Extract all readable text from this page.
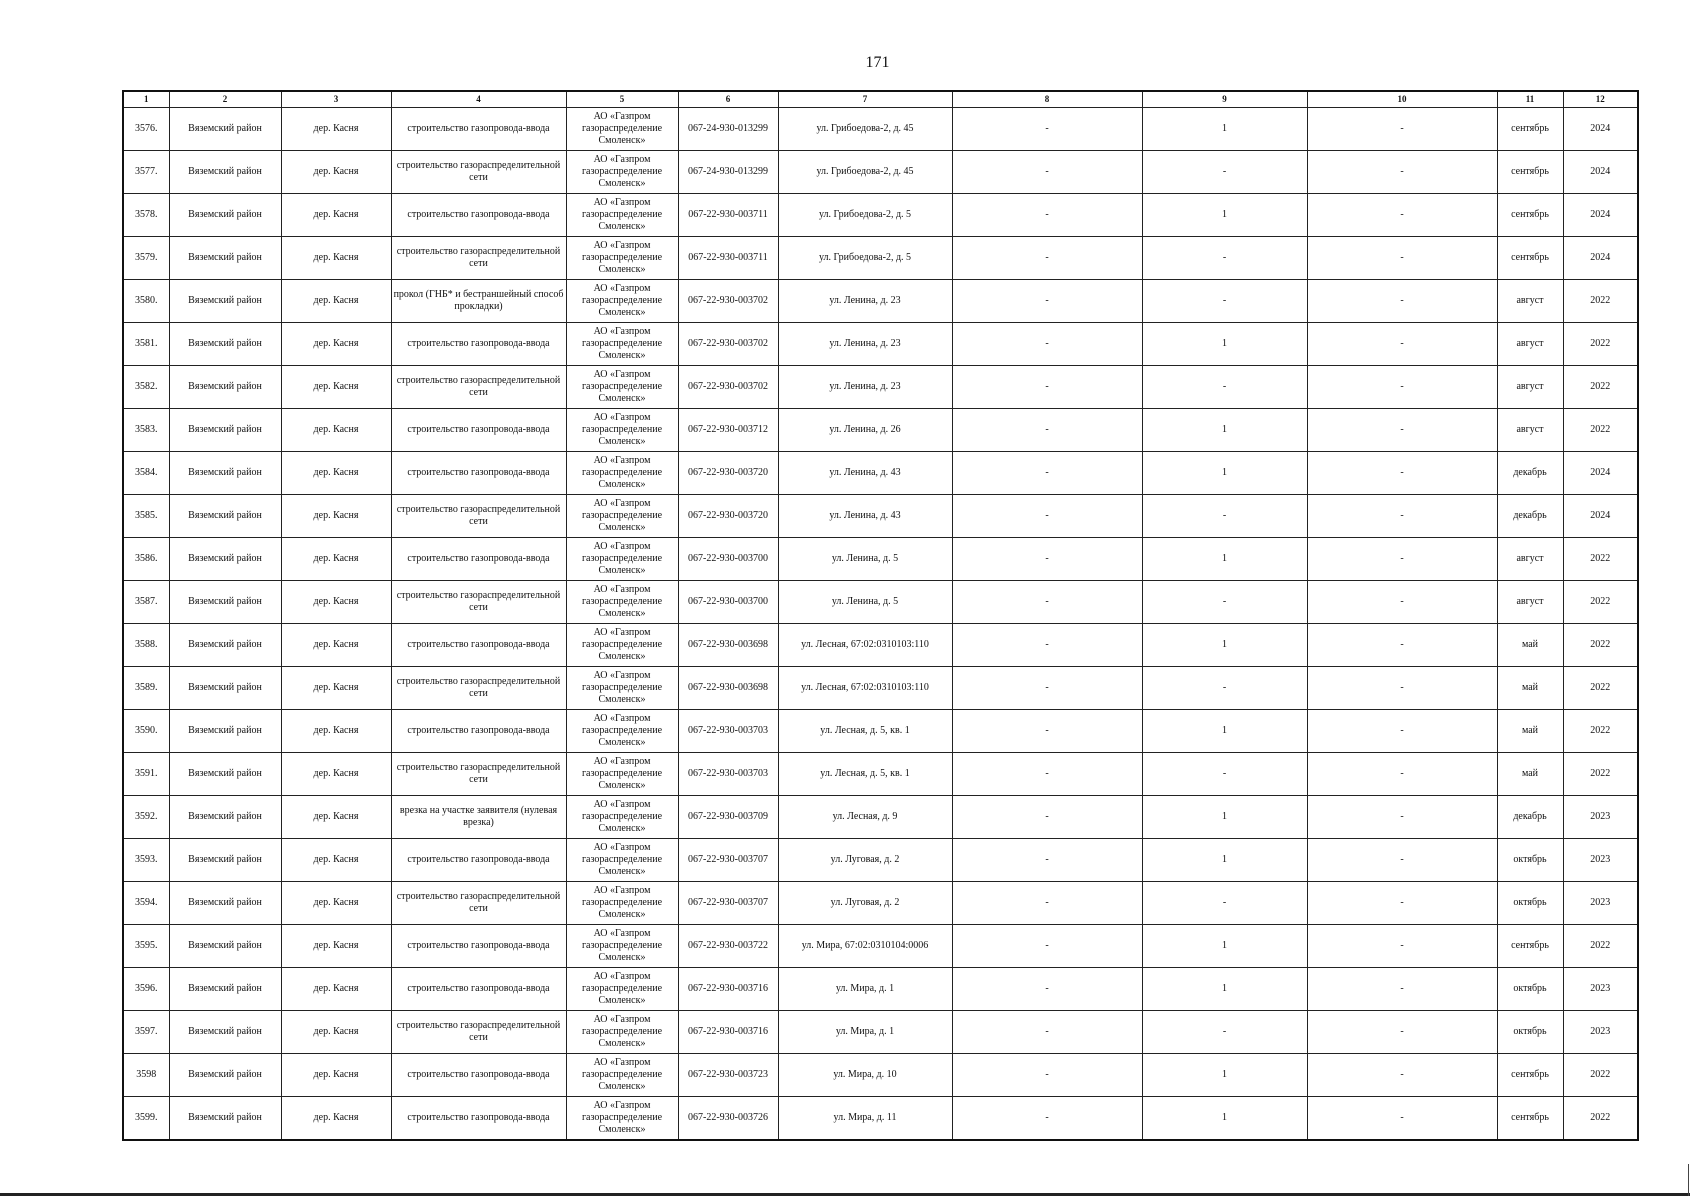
171
1	2	3	4	5	6	7	8	9	10	11	12
3576.	Вяземский район	дер. Касня	строительство газопровода-ввода	АО «Газпром
газораспределение
Смоленск»	067-24-930-013299	ул. Грибоедова-2, д. 45	-	1	-	сентябрь	2024
3577.	Вяземский район	дер. Касня	строительство газораспределительной сети	АО «Газпром
газораспределение
Смоленск»	067-24-930-013299	ул. Грибоедова-2, д. 45	-	-	-	сентябрь	2024
3578.	Вяземский район	дер. Касня	строительство газопровода-ввода	АО «Газпром
газораспределение
Смоленск»	067-22-930-003711	ул. Грибоедова-2, д. 5	-	1	-	сентябрь	2024
3579.	Вяземский район	дер. Касня	строительство газораспределительной сети	АО «Газпром
газораспределение
Смоленск»	067-22-930-003711	ул. Грибоедова-2, д. 5	-	-	-	сентябрь	2024
3580.	Вяземский район	дер. Касня	прокол (ГНБ* и бестраншейный способ прокладки)	АО «Газпром
газораспределение
Смоленск»	067-22-930-003702	ул. Ленина, д. 23	-	-	-	август	2022
3581.	Вяземский район	дер. Касня	строительство газопровода-ввода	АО «Газпром
газораспределение
Смоленск»	067-22-930-003702	ул. Ленина, д. 23	-	1	-	август	2022
3582.	Вяземский район	дер. Касня	строительство газораспределительной сети	АО «Газпром
газораспределение
Смоленск»	067-22-930-003702	ул. Ленина, д. 23	-	-	-	август	2022
3583.	Вяземский район	дер. Касня	строительство газопровода-ввода	АО «Газпром
газораспределение
Смоленск»	067-22-930-003712	ул. Ленина, д. 26	-	1	-	август	2022
3584.	Вяземский район	дер. Касня	строительство газопровода-ввода	АО «Газпром
газораспределение
Смоленск»	067-22-930-003720	ул. Ленина, д. 43	-	1	-	декабрь	2024
3585.	Вяземский район	дер. Касня	строительство газораспределительной сети	АО «Газпром
газораспределение
Смоленск»	067-22-930-003720	ул. Ленина, д. 43	-	-	-	декабрь	2024
3586.	Вяземский район	дер. Касня	строительство газопровода-ввода	АО «Газпром
газораспределение
Смоленск»	067-22-930-003700	ул. Ленина, д. 5	-	1	-	август	2022
3587.	Вяземский район	дер. Касня	строительство газораспределительной сети	АО «Газпром
газораспределение
Смоленск»	067-22-930-003700	ул. Ленина, д. 5	-	-	-	август	2022
3588.	Вяземский район	дер. Касня	строительство газопровода-ввода	АО «Газпром
газораспределение
Смоленск»	067-22-930-003698	ул. Лесная, 67:02:0310103:110	-	1	-	май	2022
3589.	Вяземский район	дер. Касня	строительство газораспределительной сети	АО «Газпром
газораспределение
Смоленск»	067-22-930-003698	ул. Лесная, 67:02:0310103:110	-	-	-	май	2022
3590.	Вяземский район	дер. Касня	строительство газопровода-ввода	АО «Газпром
газораспределение
Смоленск»	067-22-930-003703	ул. Лесная, д. 5, кв. 1	-	1	-	май	2022
3591.	Вяземский район	дер. Касня	строительство газораспределительной сети	АО «Газпром
газораспределение
Смоленск»	067-22-930-003703	ул. Лесная, д. 5, кв. 1	-	-	-	май	2022
3592.	Вяземский район	дер. Касня	врезка на участке заявителя (нулевая врезка)	АО «Газпром
газораспределение
Смоленск»	067-22-930-003709	ул. Лесная, д. 9	-	1	-	декабрь	2023
3593.	Вяземский район	дер. Касня	строительство газопровода-ввода	АО «Газпром
газораспределение
Смоленск»	067-22-930-003707	ул. Луговая, д. 2	-	1	-	октябрь	2023
3594.	Вяземский район	дер. Касня	строительство газораспределительной сети	АО «Газпром
газораспределение
Смоленск»	067-22-930-003707	ул. Луговая, д. 2	-	-	-	октябрь	2023
3595.	Вяземский район	дер. Касня	строительство газопровода-ввода	АО «Газпром
газораспределение
Смоленск»	067-22-930-003722	ул. Мира, 67:02:0310104:0006	-	1	-	сентябрь	2022
3596.	Вяземский район	дер. Касня	строительство газопровода-ввода	АО «Газпром
газораспределение
Смоленск»	067-22-930-003716	ул. Мира, д. 1	-	1	-	октябрь	2023
3597.	Вяземский район	дер. Касня	строительство газораспределительной сети	АО «Газпром
газораспределение
Смоленск»	067-22-930-003716	ул. Мира, д. 1	-	-	-	октябрь	2023
3598	Вяземский район	дер. Касня	строительство газопровода-ввода	АО «Газпром
газораспределение
Смоленск»	067-22-930-003723	ул. Мира, д. 10	-	1	-	сентябрь	2022
3599.	Вяземский район	дер. Касня	строительство газопровода-ввода	АО «Газпром
газораспределение
Смоленск»	067-22-930-003726	ул. Мира, д. 11	-	1	-	сентябрь	2022
